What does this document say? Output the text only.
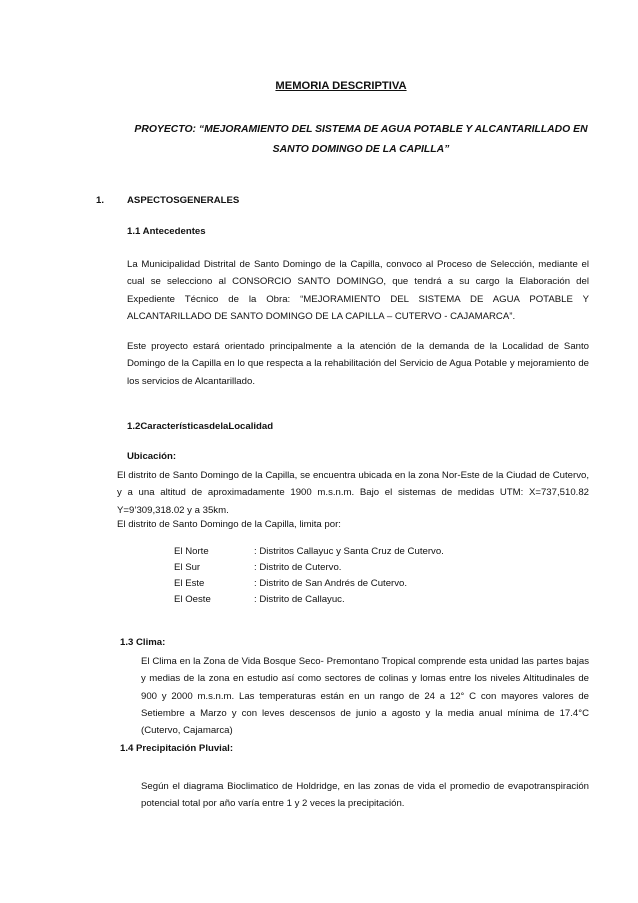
MEMORIA DESCRIPTIVA
PROYECTO: “MEJORAMIENTO DEL SISTEMA DE AGUA POTABLE Y ALCANTARILLADO EN SANTO DOMINGO DE LA CAPILLA”
1. ASPECTOSGENERALES
1.1 Antecedentes
La Municipalidad Distrital de Santo Domingo de la Capilla, convoco al Proceso de Selección, mediante el cual se selecciono al CONSORCIO SANTO DOMINGO, que tendrá a su cargo la Elaboración del Expediente Técnico de la Obra: “MEJORAMIENTO DEL SISTEMA DE AGUA POTABLE Y ALCANTARILLADO DE SANTO DOMINGO DE LA CAPILLA – CUTERVO - CAJAMARCA”.
Este proyecto estará orientado principalmente a la atención de la demanda de la Localidad de Santo Domingo de la Capilla en lo que respecta a la rehabilitación del Servicio de Agua Potable y mejoramiento de los servicios de Alcantarillado.
1.2CaracterísticasdelaLocalidad
Ubicación:
El distrito de Santo Domingo de la Capilla, se encuentra ubicada en la zona Nor-Este de la Ciudad de Cutervo, y a una altitud de aproximadamente 1900 m.s.n.m. Bajo el sistemas de medidas UTM: X=737,510.82 Y=9’309,318.02 y a 35km.
El distrito de Santo Domingo de la Capilla, limita por:
El Norte	: Distritos Callayuc y Santa Cruz de Cutervo.
El Sur	: Distrito de Cutervo.
El Este	: Distrito de San Andrés de Cutervo.
El Oeste	: Distrito de Callayuc.
1.3 Clima:
El Clima en la Zona de Vida Bosque Seco- Premontano Tropical comprende esta unidad las partes bajas y medias de la zona en estudio así como sectores de colinas y lomas entre los niveles Altitudinales de 900 y 2000 m.s.n.m. Las temperaturas están en un rango de 24 a 12° C con mayores valores de Setiembre a Marzo y con leves descensos de junio a agosto y la media anual mínima de 17.4°C (Cutervo, Cajamarca)
1.4 Precipitación Pluvial:
Según el diagrama Bioclimatico de Holdridge, en las zonas de vida el promedio de evapotranspiración potencial total por año varía entre 1 y 2 veces la precipitación.
